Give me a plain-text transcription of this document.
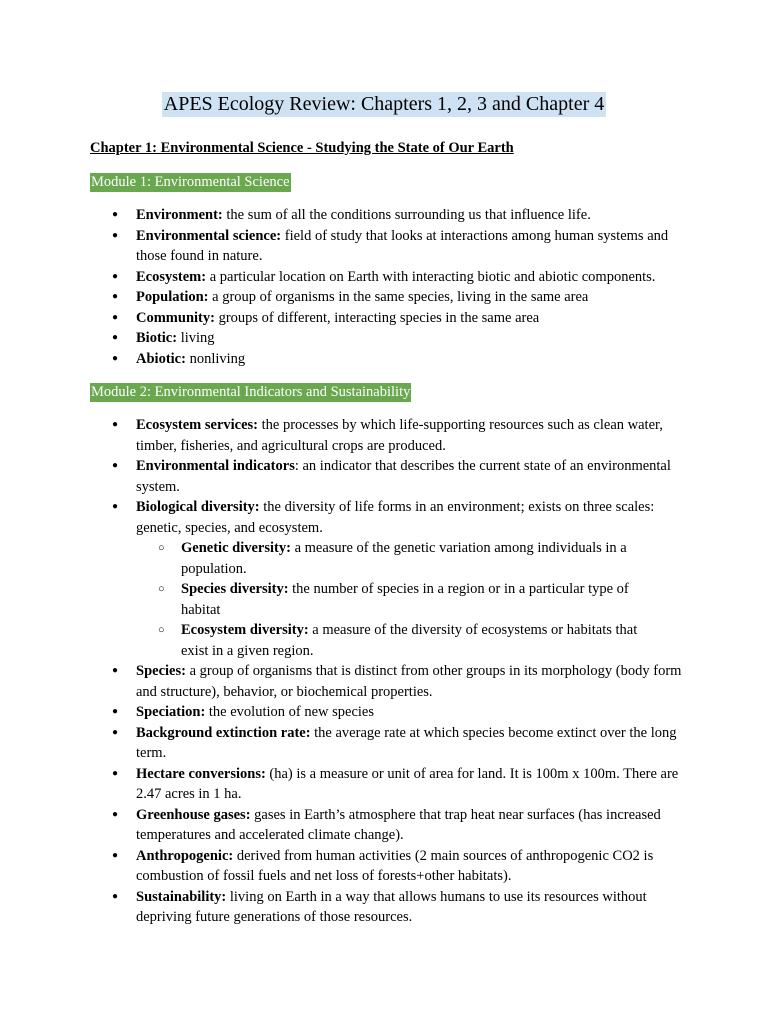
APES Ecology Review: Chapters 1, 2, 3 and Chapter 4
Chapter 1: Environmental Science - Studying the State of Our Earth
Module 1: Environmental Science
● Environment: the sum of all the conditions surrounding us that influence life.
● Environmental science: field of study that looks at interactions among human systems and those found in nature.
● Ecosystem: a particular location on Earth with interacting biotic and abiotic components.
● Population: a group of organisms in the same species, living in the same area
● Community: groups of different, interacting species in the same area
● Biotic: living
● Abiotic: nonliving
Module 2: Environmental Indicators and Sustainability
● Ecosystem services: the processes by which life-supporting resources such as clean water, timber, fisheries, and agricultural crops are produced.
● Environmental indicators: an indicator that describes the current state of an environmental system.
● Biological diversity: the diversity of life forms in an environment; exists on three scales: genetic, species, and ecosystem.
○ Genetic diversity: a measure of the genetic variation among individuals in a population.
○ Species diversity: the number of species in a region or in a particular type of habitat
○ Ecosystem diversity: a measure of the diversity of ecosystems or habitats that exist in a given region.
● Species: a group of organisms that is distinct from other groups in its morphology (body form and structure), behavior, or biochemical properties.
● Speciation: the evolution of new species
● Background extinction rate: the average rate at which species become extinct over the long term.
● Hectare conversions: (ha) is a measure or unit of area for land. It is 100m x 100m. There are 2.47 acres in 1 ha.
● Greenhouse gases: gases in Earth’s atmosphere that trap heat near surfaces (has increased temperatures and accelerated climate change).
● Anthropogenic: derived from human activities (2 main sources of anthropogenic CO2 is combustion of fossil fuels and net loss of forests+other habitats).
● Sustainability: living on Earth in a way that allows humans to use its resources without depriving future generations of those resources.
